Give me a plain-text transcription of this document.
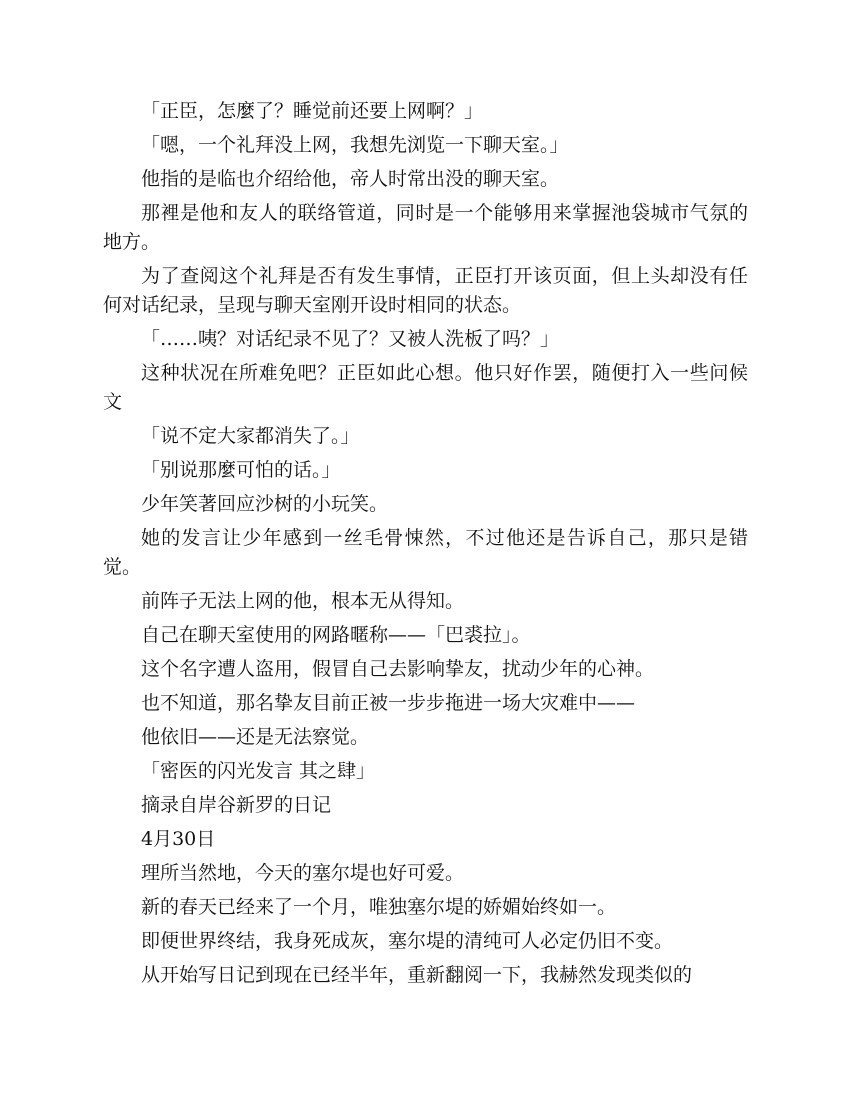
「正臣，怎麼了？睡觉前还要上网啊？」

「嗯，一个礼拜没上网，我想先浏览一下聊天室。」

他指的是临也介绍给他，帝人时常出没的聊天室。

那裡是他和友人的联络管道，同时是一个能够用来掌握池袋城市气氛的地方。

为了查阅这个礼拜是否有发生事情，正臣打开该页面，但上头却没有任何对话纪录，呈现与聊天室刚开设时相同的状态。

「……咦？对话纪录不见了？又被人洗板了吗？」

这种状况在所难免吧？正臣如此心想。他只好作罢，随便打入一些问候文

「说不定大家都消失了。」

「别说那麼可怕的话。」

少年笑著回应沙树的小玩笑。

她的发言让少年感到一丝毛骨悚然，不过他还是告诉自己，那只是错觉。

前阵子无法上网的他，根本无从得知。

自己在聊天室使用的网路暱称——「巴裘拉」。

这个名字遭人盗用，假冒自己去影响挚友，扰动少年的心神。

也不知道，那名挚友目前正被一步步拖进一场大灾难中——

他依旧——还是无法察觉。

「密医的闪光发言 其之肆」

摘录自岸谷新罗的日记

4月30日

理所当然地，今天的塞尔堤也好可爱。

新的春天已经来了一个月，唯独塞尔堤的娇媚始终如一。

即便世界终结，我身死成灰，塞尔堤的清纯可人必定仍旧不变。

从开始写日记到现在已经半年，重新翻阅一下，我赫然发现类似的
